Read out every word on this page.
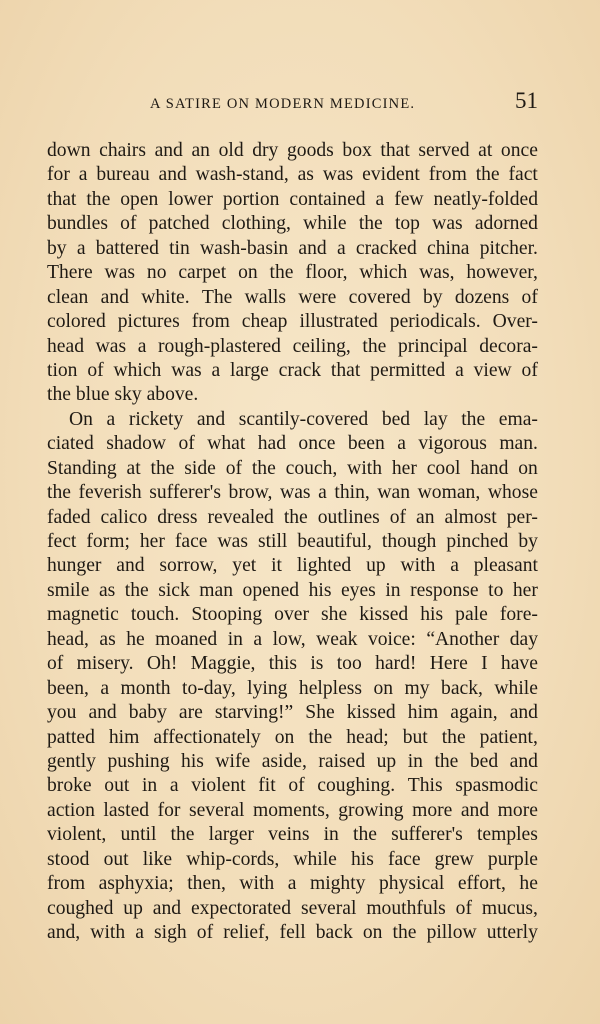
A SATIRE ON MODERN MEDICINE.	51
down chairs and an old dry goods box that served at once
for a bureau and wash-stand, as was evident from the fact
that the open lower portion contained a few neatly-folded
bundles of patched clothing, while the top was adorned
by a battered tin wash-basin and a cracked china pitcher.
There was no carpet on the floor, which was, however,
clean and white. The walls were covered by dozens of
colored pictures from cheap illustrated periodicals. Over-
head was a rough-plastered ceiling, the principal decora-
tion of which was a large crack that permitted a view of
the blue sky above.
On a rickety and scantily-covered bed lay the ema-
ciated shadow of what had once been a vigorous man.
Standing at the side of the couch, with her cool hand on
the feverish sufferer's brow, was a thin, wan woman, whose
faded calico dress revealed the outlines of an almost per-
fect form; her face was still beautiful, though pinched by
hunger and sorrow, yet it lighted up with a pleasant
smile as the sick man opened his eyes in response to her
magnetic touch. Stooping over she kissed his pale fore-
head, as he moaned in a low, weak voice: “Another day
of misery. Oh! Maggie, this is too hard! Here I have
been, a month to-day, lying helpless on my back, while
you and baby are starving!” She kissed him again, and
patted him affectionately on the head; but the patient,
gently pushing his wife aside, raised up in the bed and
broke out in a violent fit of coughing. This spasmodic
action lasted for several moments, growing more and more
violent, until the larger veins in the sufferer's temples
stood out like whip-cords, while his face grew purple
from asphyxia; then, with a mighty physical effort, he
coughed up and expectorated several mouthfuls of mucus,
and, with a sigh of relief, fell back on the pillow utterly
